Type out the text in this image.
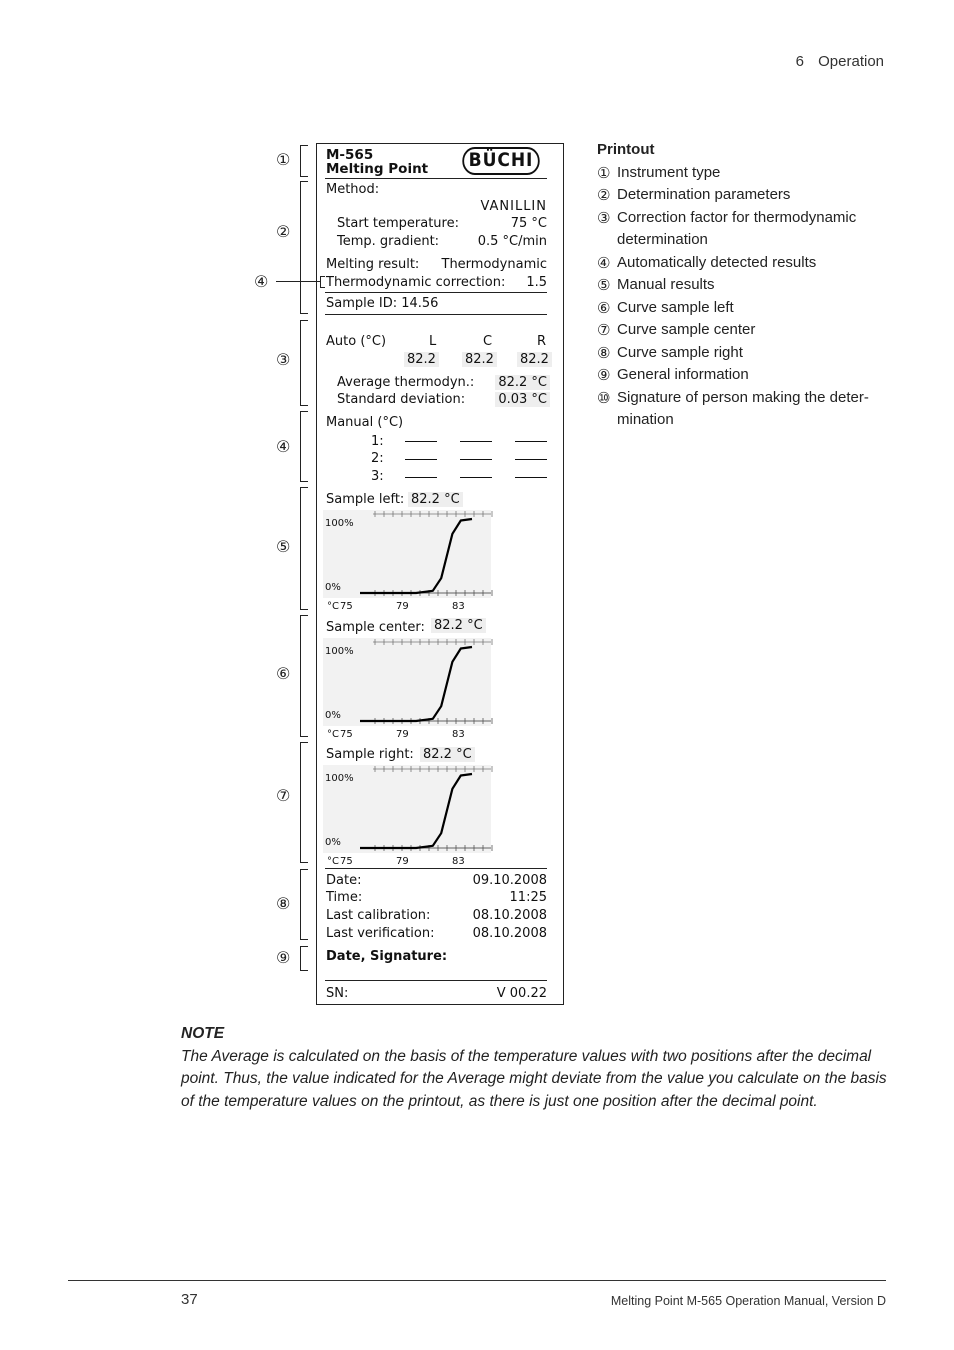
6 Operation
①
②
④
③
④
⑤
⑥
⑦
⑧
⑨
M-565
Melting Point	BÜCHI
Method:
VANILLIN
Start temperature:	75 °C
Temp. gradient:	0.5 °C/min
Melting result: Thermodynamic
Thermodynamic correction: 1.5
Sample ID: 14.56
Auto (°C)	L	C	R
82.2 82.2 82.2
Average thermodyn.: 82.2 °C
Standard deviation:	0.03 °C
Manual (°C)
1:
2:
3:
Sample left: 82.2 °C
100%
0%
°C 75	79	83
Sample center: 82.2 °C
100%
0%
°C 75	79	83
Sample right: 82.2 °C
100%
0%
°C 75	79	83
Date:	09.10.2008
Time:	11:25
Last calibration:	08.10.2008
Last verification:	08.10.2008
Date, Signature:
SN:	V 00.22
Printout
① Instrument type
② Determination parameters
③ Correction factor for thermodynamic determination
④ Automatically detected results
⑤ Manual results
⑥ Curve sample left
⑦ Curve sample center
⑧ Curve sample right
⑨ General information
⑩ Signature of person making the deter-mination
NOTE
The Average is calculated on the basis of the temperature values with two positions after the decimal point. Thus, the value indicated for the Average might deviate from the value you calculate on the basis of the temperature values on the printout, as there is just one position after the decimal point.
37	Melting Point M-565 Operation Manual, Version D
